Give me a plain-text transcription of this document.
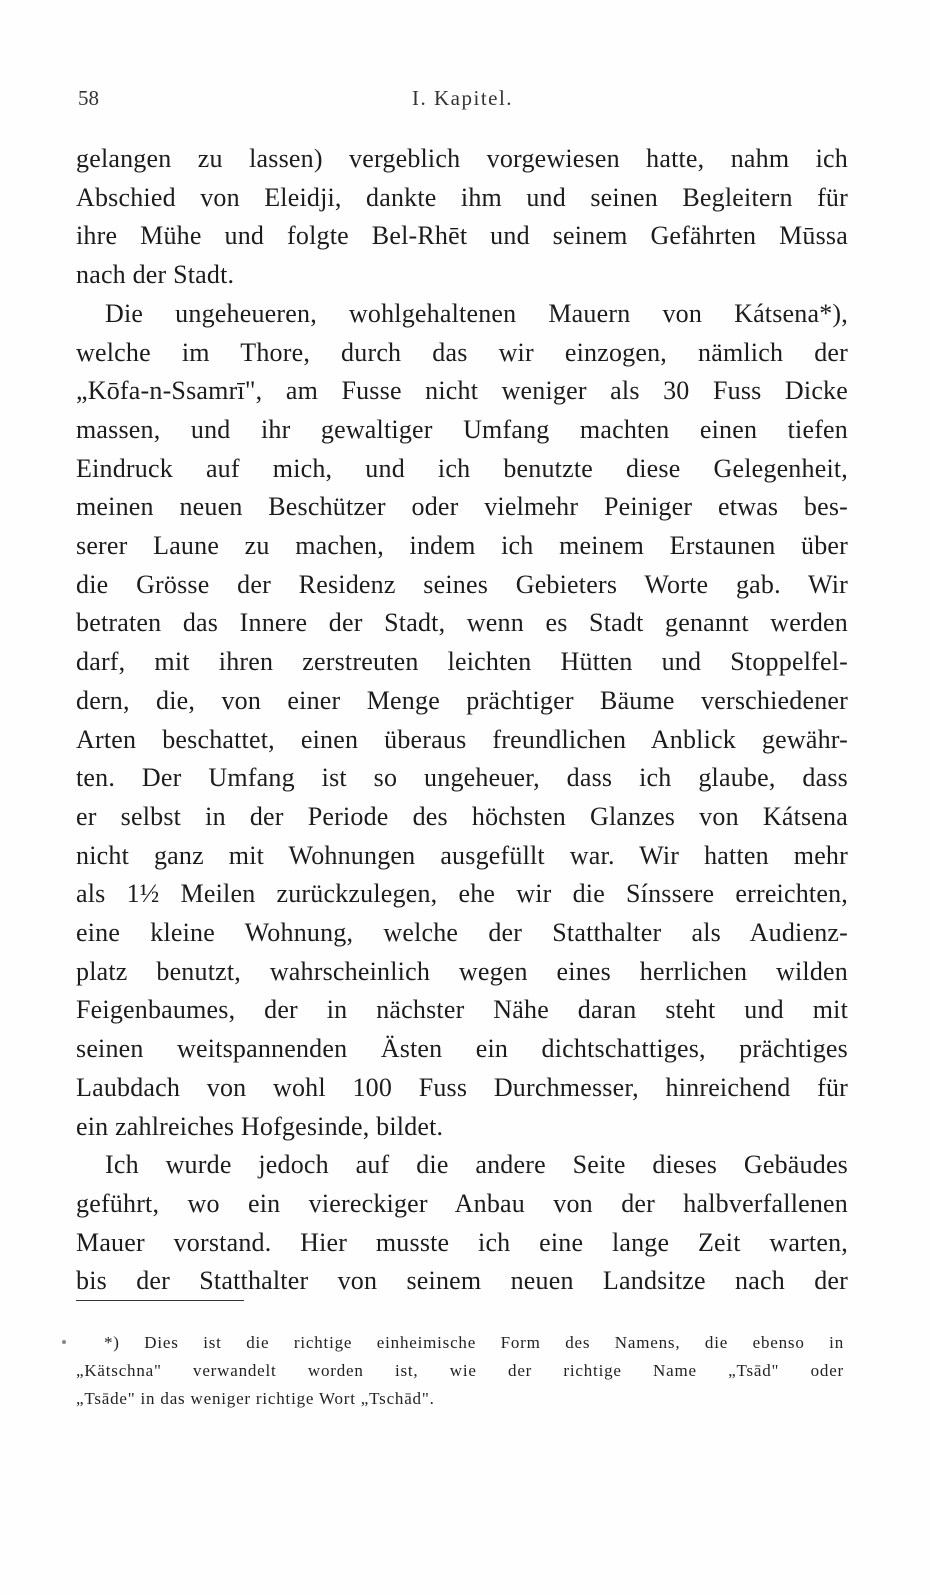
58	I. Kapitel.

gelangen zu lassen) vergeblich vorgewiesen hatte, nahm ich
Abschied von Eleidji, dankte ihm und seinen Begleitern für
ihre Mühe und folgte Bel-Rhēt und seinem Gefährten Mūssa
nach der Stadt.

Die ungeheueren, wohlgehaltenen Mauern von Kátsena*),
welche im Thore, durch das wir einzogen, nämlich der
„Kōfa-n-Ssamrī", am Fusse nicht weniger als 30 Fuss Dicke
massen, und ihr gewaltiger Umfang machten einen tiefen
Eindruck auf mich, und ich benutzte diese Gelegenheit,
meinen neuen Beschützer oder vielmehr Peiniger etwas bes-
serer Laune zu machen, indem ich meinem Erstaunen über
die Grösse der Residenz seines Gebieters Worte gab. Wir
betraten das Innere der Stadt, wenn es Stadt genannt werden
darf, mit ihren zerstreuten leichten Hütten und Stoppelfel-
dern, die, von einer Menge prächtiger Bäume verschiedener
Arten beschattet, einen überaus freundlichen Anblick gewähr-
ten. Der Umfang ist so ungeheuer, dass ich glaube, dass
er selbst in der Periode des höchsten Glanzes von Kátsena
nicht ganz mit Wohnungen ausgefüllt war. Wir hatten mehr
als 1½ Meilen zurückzulegen, ehe wir die Sínssere erreichten,
eine kleine Wohnung, welche der Statthalter als Audienz-
platz benutzt, wahrscheinlich wegen eines herrlichen wilden
Feigenbaumes, der in nächster Nähe daran steht und mit
seinen weitspannenden Ästen ein dichtschattiges, prächtiges
Laubdach von wohl 100 Fuss Durchmesser, hinreichend für
ein zahlreiches Hofgesinde, bildet.

Ich wurde jedoch auf die andere Seite dieses Gebäudes
geführt, wo ein viereckiger Anbau von der halbverfallenen
Mauer vorstand. Hier musste ich eine lange Zeit warten,
bis der Statthalter von seinem neuen Landsitze nach der

*) Dies ist die richtige einheimische Form des Namens, die ebenso in
„Kätschna" verwandelt worden ist, wie der richtige Name „Tsād" oder
„Tsāde" in das weniger richtige Wort „Tschād".
